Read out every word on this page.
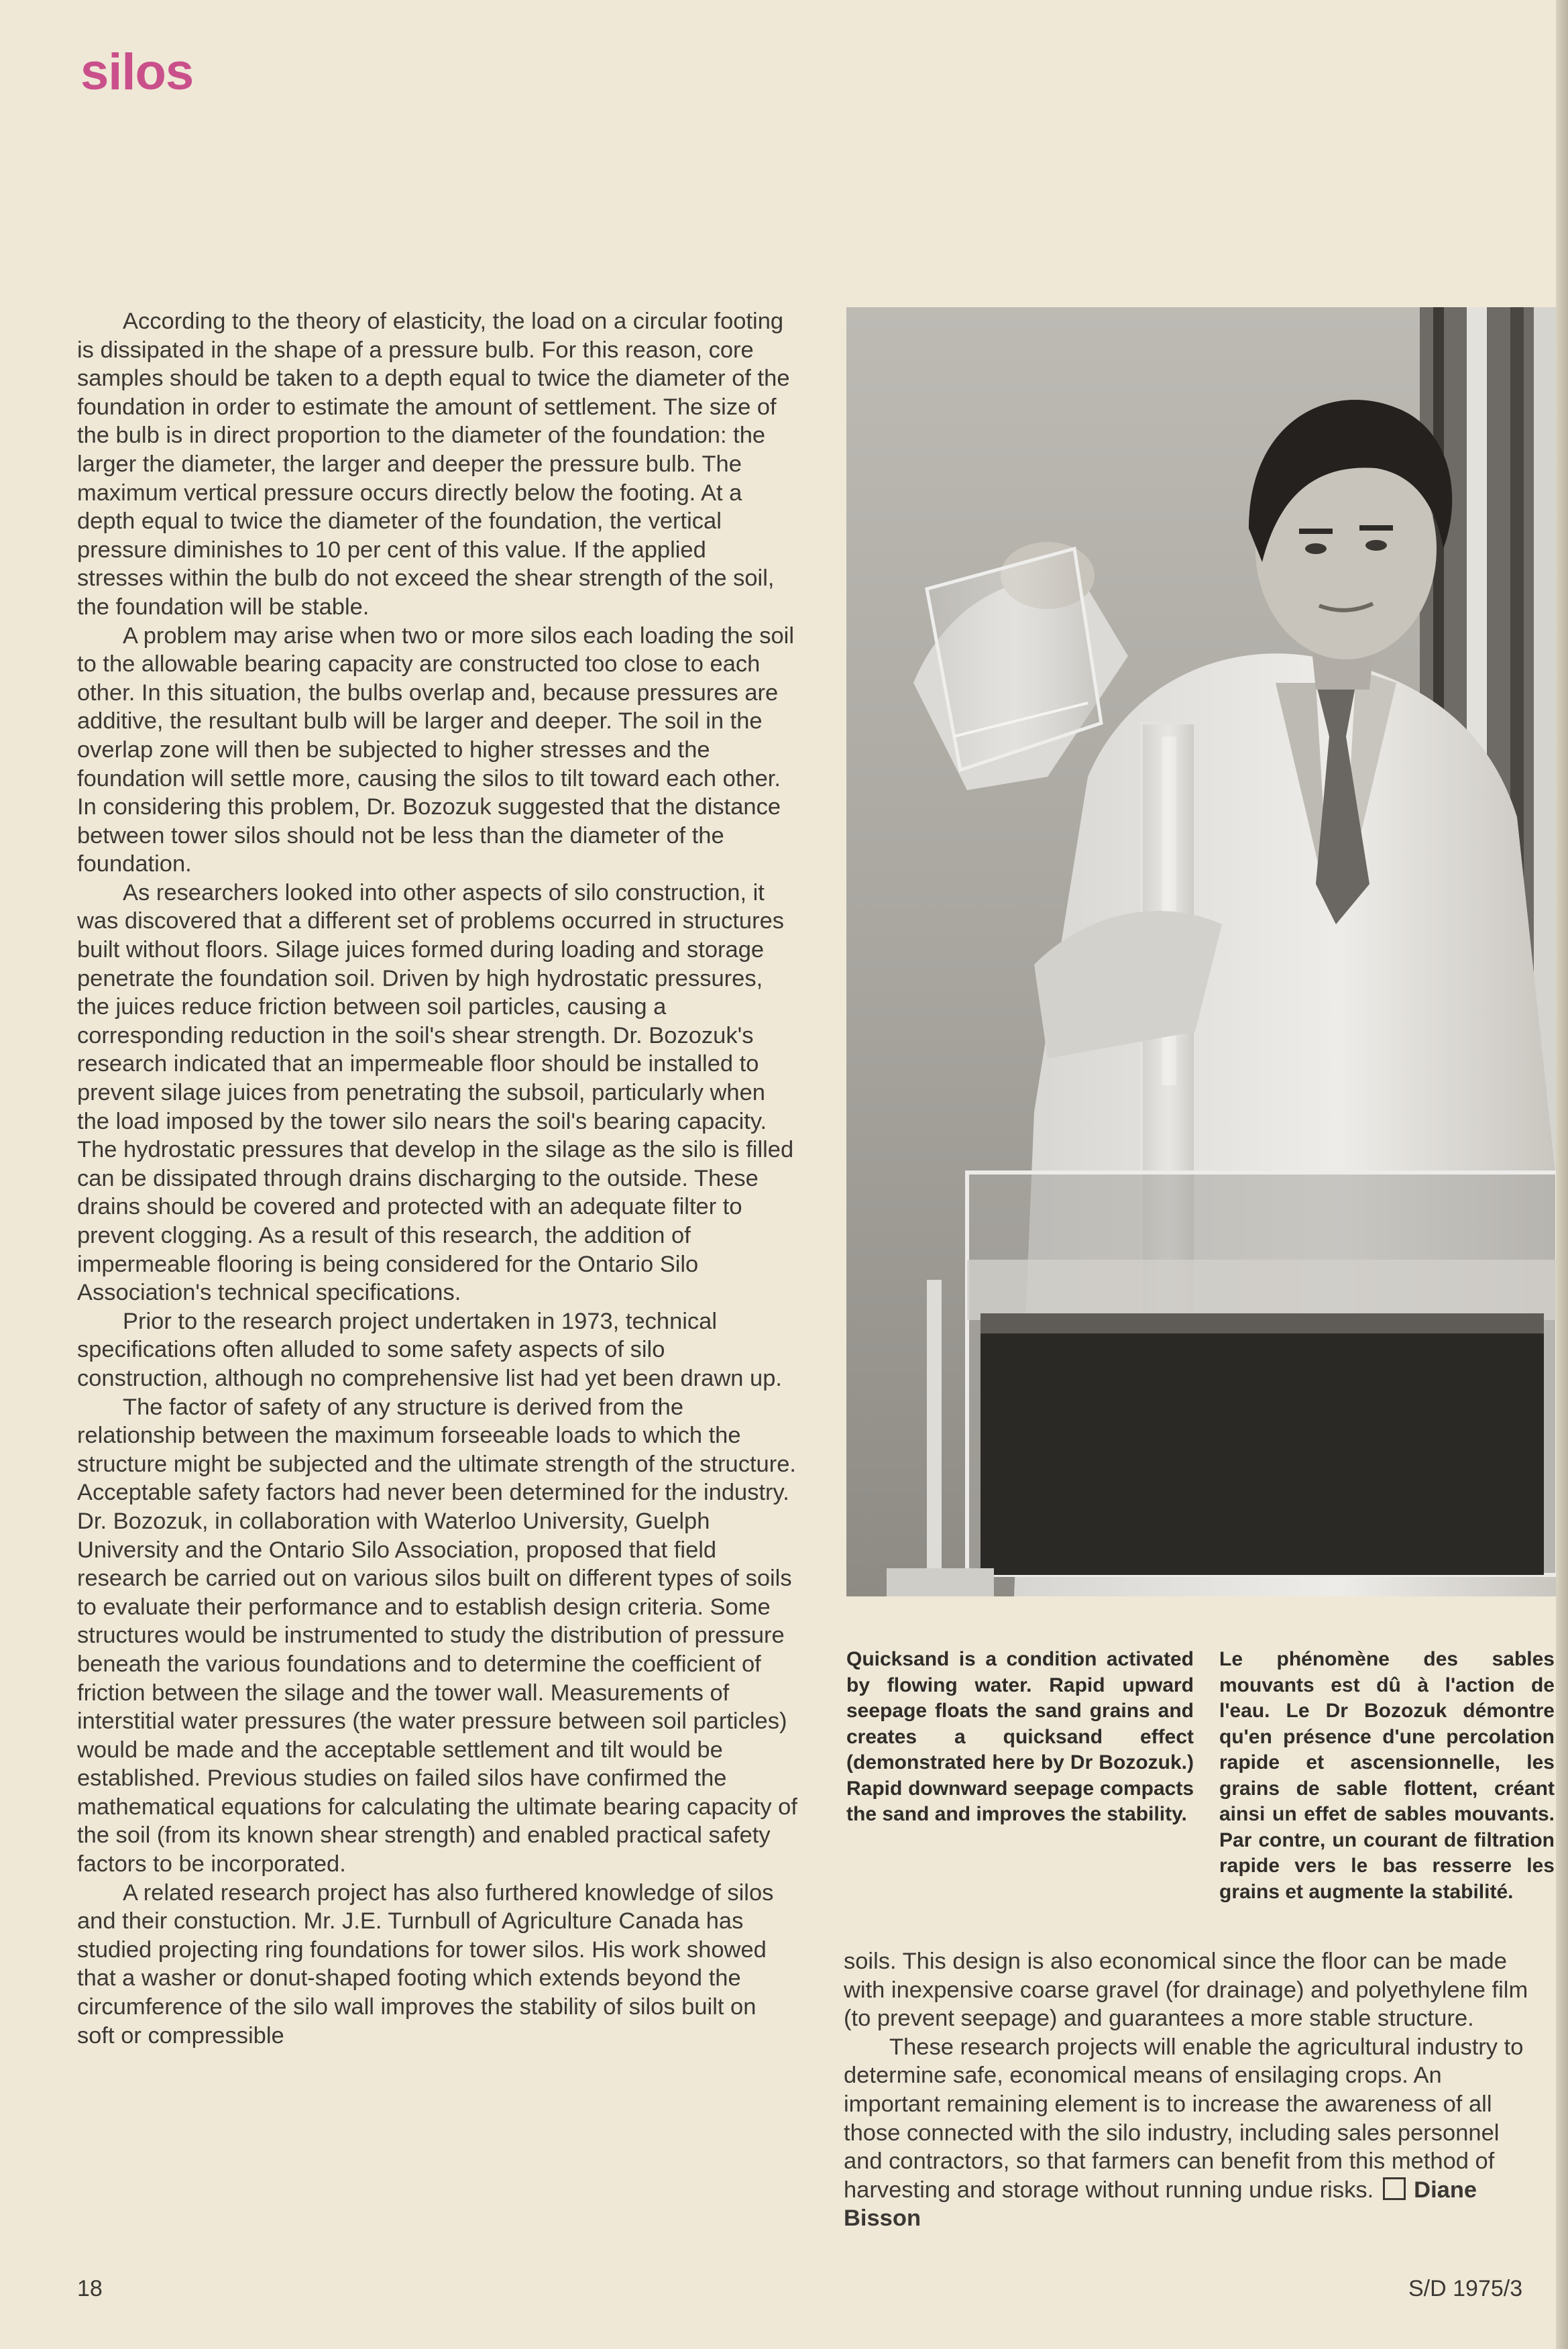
silos

According to the theory of elasticity, the load on a circular footing is dissipated in the shape of a pressure bulb. For this reason, core samples should be taken to a depth equal to twice the diameter of the foundation in order to estimate the amount of settlement. The size of the bulb is in direct proportion to the diameter of the foundation: the larger the diameter, the larger and deeper the pressure bulb. The maximum vertical pressure occurs directly below the footing. At a depth equal to twice the diameter of the foundation, the vertical pressure diminishes to 10 per cent of this value. If the applied stresses within the bulb do not exceed the shear strength of the soil, the foundation will be stable.

A problem may arise when two or more silos each loading the soil to the allowable bearing capacity are constructed too close to each other. In this situation, the bulbs overlap and, because pressures are additive, the resultant bulb will be larger and deeper. The soil in the overlap zone will then be subjected to higher stresses and the foundation will settle more, causing the silos to tilt toward each other. In considering this problem, Dr. Bozozuk suggested that the distance between tower silos should not be less than the diameter of the foundation.

As researchers looked into other aspects of silo construction, it was discovered that a different set of problems occurred in structures built without floors. Silage juices formed during loading and storage penetrate the foundation soil. Driven by high hydrostatic pressures, the juices reduce friction between soil particles, causing a corresponding reduction in the soil's shear strength. Dr. Bozozuk's research indicated that an impermeable floor should be installed to prevent silage juices from penetrating the subsoil, particularly when the load imposed by the tower silo nears the soil's bearing capacity. The hydrostatic pressures that develop in the silage as the silo is filled can be dissipated through drains discharging to the outside. These drains should be covered and protected with an adequate filter to prevent clogging. As a result of this research, the addition of impermeable flooring is being considered for the Ontario Silo Association's technical specifications.

Prior to the research project undertaken in 1973, technical specifications often alluded to some safety aspects of silo construction, although no comprehensive list had yet been drawn up.

The factor of safety of any structure is derived from the relationship between the maximum forseeable loads to which the structure might be subjected and the ultimate strength of the structure. Acceptable safety factors had never been determined for the industry. Dr. Bozozuk, in collaboration with Waterloo University, Guelph University and the Ontario Silo Association, proposed that field research be carried out on various silos built on different types of soils to evaluate their performance and to establish design criteria. Some structures would be instrumented to study the distribution of pressure beneath the various foundations and to determine the coefficient of friction between the silage and the tower wall. Measurements of interstitial water pressures (the water pressure between soil particles) would be made and the acceptable settlement and tilt would be established. Previous studies on failed silos have confirmed the mathematical equations for calculating the ultimate bearing capacity of the soil (from its known shear strength) and enabled practical safety factors to be incorporated.

A related research project has also furthered knowledge of silos and their constuction. Mr. J.E. Turnbull of Agriculture Canada has studied projecting ring foundations for tower silos. His work showed that a washer or donut-shaped footing which extends beyond the circumference of the silo wall improves the stability of silos built on soft or compressible

Quicksand is a condition activated by flowing water. Rapid upward seepage floats the sand grains and creates a quicksand effect (demonstrated here by Dr Bozozuk.) Rapid downward seepage compacts the sand and improves the stability.
Le phénomène des sables mouvants est dû à l'action de l'eau. Le Dr Bozozuk démontre qu'en présence d'une percolation rapide et ascensionnelle, les grains de sable flottent, créant ainsi un effet de sables mouvants. Par contre, un courant de filtration rapide vers le bas resserre les grains et augmente la stabilité.

soils. This design is also economical since the floor can be made with inexpensive coarse gravel (for drainage) and polyethylene film (to prevent seepage) and guarantees a more stable structure.

These research projects will enable the agricultural industry to determine safe, economical means of ensilaging crops. An important remaining element is to increase the awareness of all those connected with the silo industry, including sales personnel and contractors, so that farmers can benefit from this method of harvesting and storage without running undue risks. Diane Bisson

18	S/D 1975/3
